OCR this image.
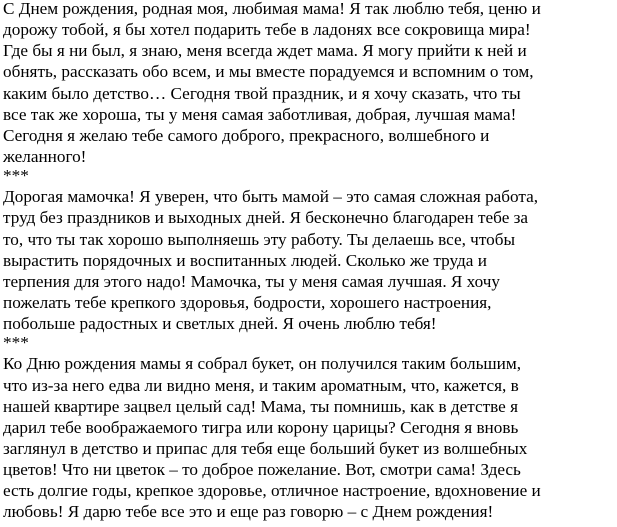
С Днем рождения, родная моя, любимая мама! Я так люблю тебя, ценю и
дорожу тобой, я бы хотел подарить тебе в ладонях все сокровища мира!
Где бы я ни был, я знаю, меня всегда ждет мама. Я могу прийти к ней и
обнять, рассказать обо всем, и мы вместе порадуемся и вспомним о том,
каким было детство… Сегодня твой праздник, и я хочу сказать, что ты
все так же хороша, ты у меня самая заботливая, добрая, лучшая мама!
Сегодня я желаю тебе самого доброго, прекрасного, волшебного и
желанного!
***
Дорогая мамочка! Я уверен, что быть мамой – это самая сложная работа,
труд без праздников и выходных дней. Я бесконечно благодарен тебе за
то, что ты так хорошо выполняешь эту работу. Ты делаешь все, чтобы
вырастить порядочных и воспитанных людей. Сколько же труда и
терпения для этого надо! Мамочка, ты у меня самая лучшая. Я хочу
пожелать тебе крепкого здоровья, бодрости, хорошего настроения,
побольше радостных и светлых дней. Я очень люблю тебя!
***
Ко Дню рождения мамы я собрал букет, он получился таким большим,
что из-за него едва ли видно меня, и таким ароматным, что, кажется, в
нашей квартире зацвел целый сад! Мама, ты помнишь, как в детстве я
дарил тебе воображаемого тигра или корону царицы? Сегодня я вновь
заглянул в детство и припас для тебя еще больший букет из волшебных
цветов! Что ни цветок – то доброе пожелание. Вот, смотри сама! Здесь
есть долгие годы, крепкое здоровье, отличное настроение, вдохновение и
любовь! Я дарю тебе все это и еще раз говорю – с Днем рождения!
